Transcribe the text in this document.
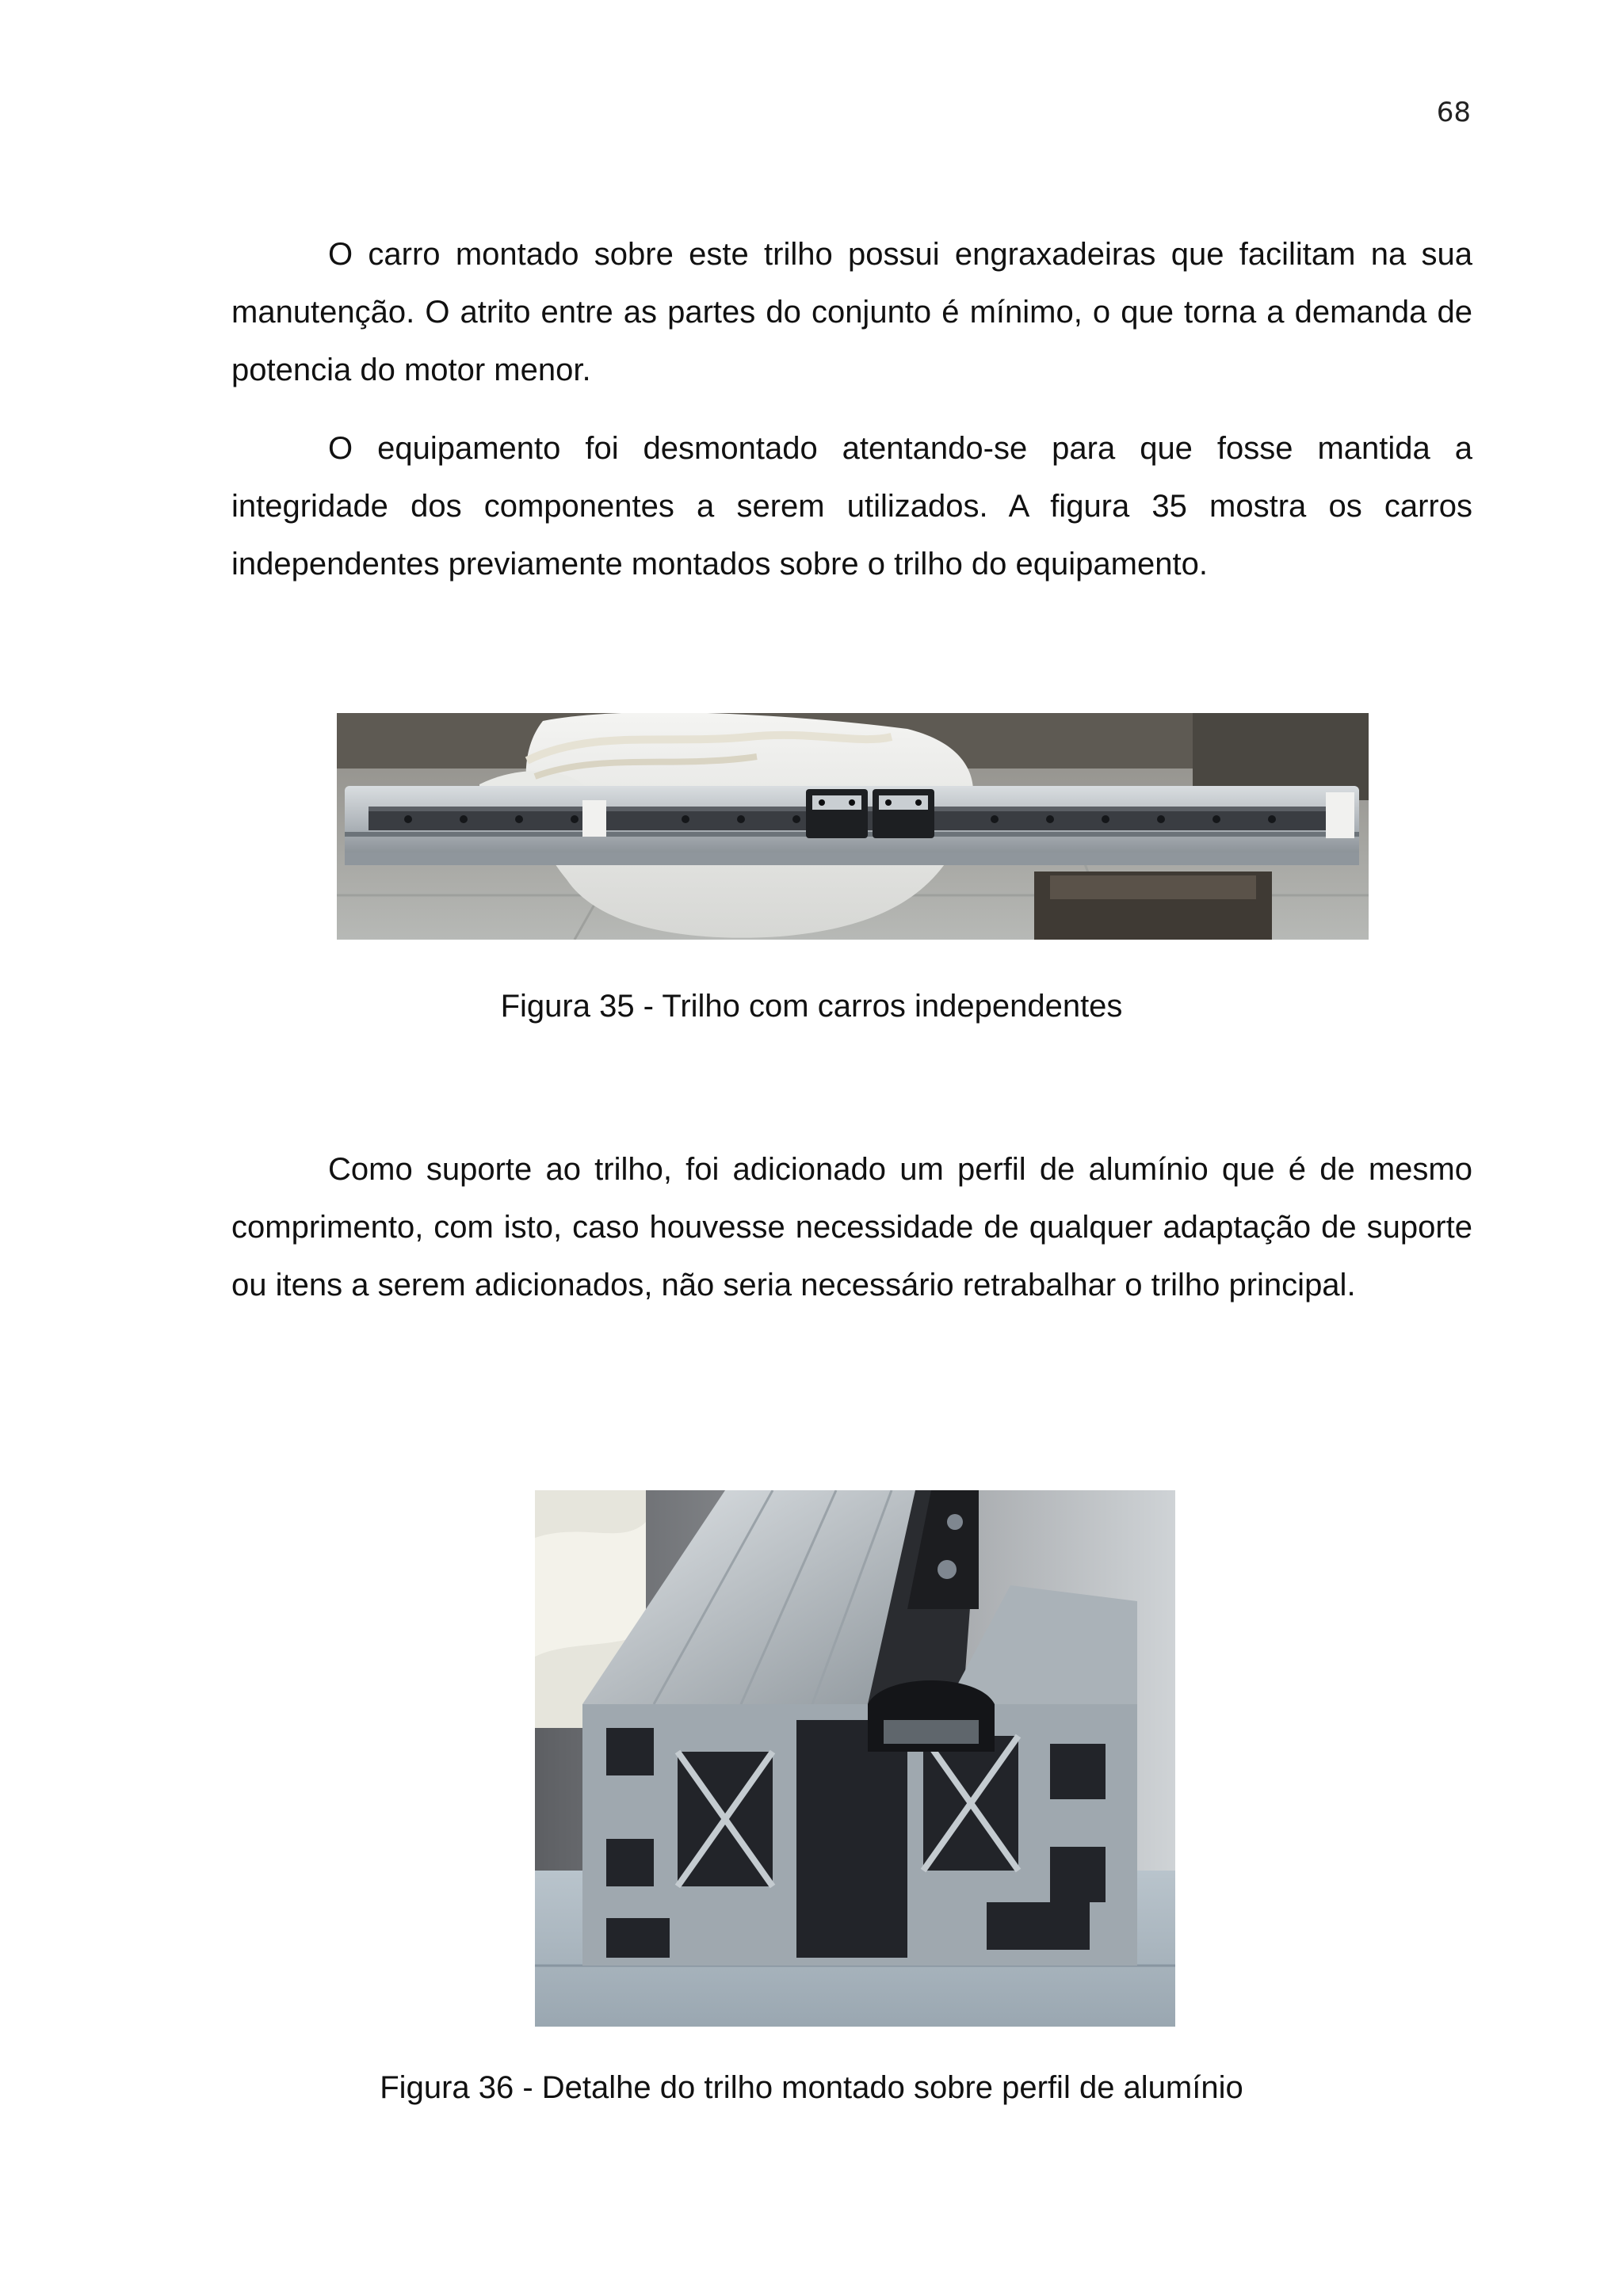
68

O carro montado sobre este trilho possui engraxadeiras que facilitam na sua manutenção. O atrito entre as partes do conjunto é mínimo, o que torna a demanda de potencia do motor menor.

O equipamento foi desmontado atentando-se para que fosse mantida a integridade dos componentes a serem utilizados. A figura 35 mostra os carros independentes previamente montados sobre o trilho do equipamento.

Figura 35 - Trilho com carros independentes

Como suporte ao trilho, foi adicionado um perfil de alumínio que é de mesmo comprimento, com isto, caso houvesse necessidade de qualquer adaptação de suporte ou itens a serem adicionados, não seria necessário retrabalhar o trilho principal.

Figura 36 - Detalhe do trilho montado sobre perfil de alumínio
